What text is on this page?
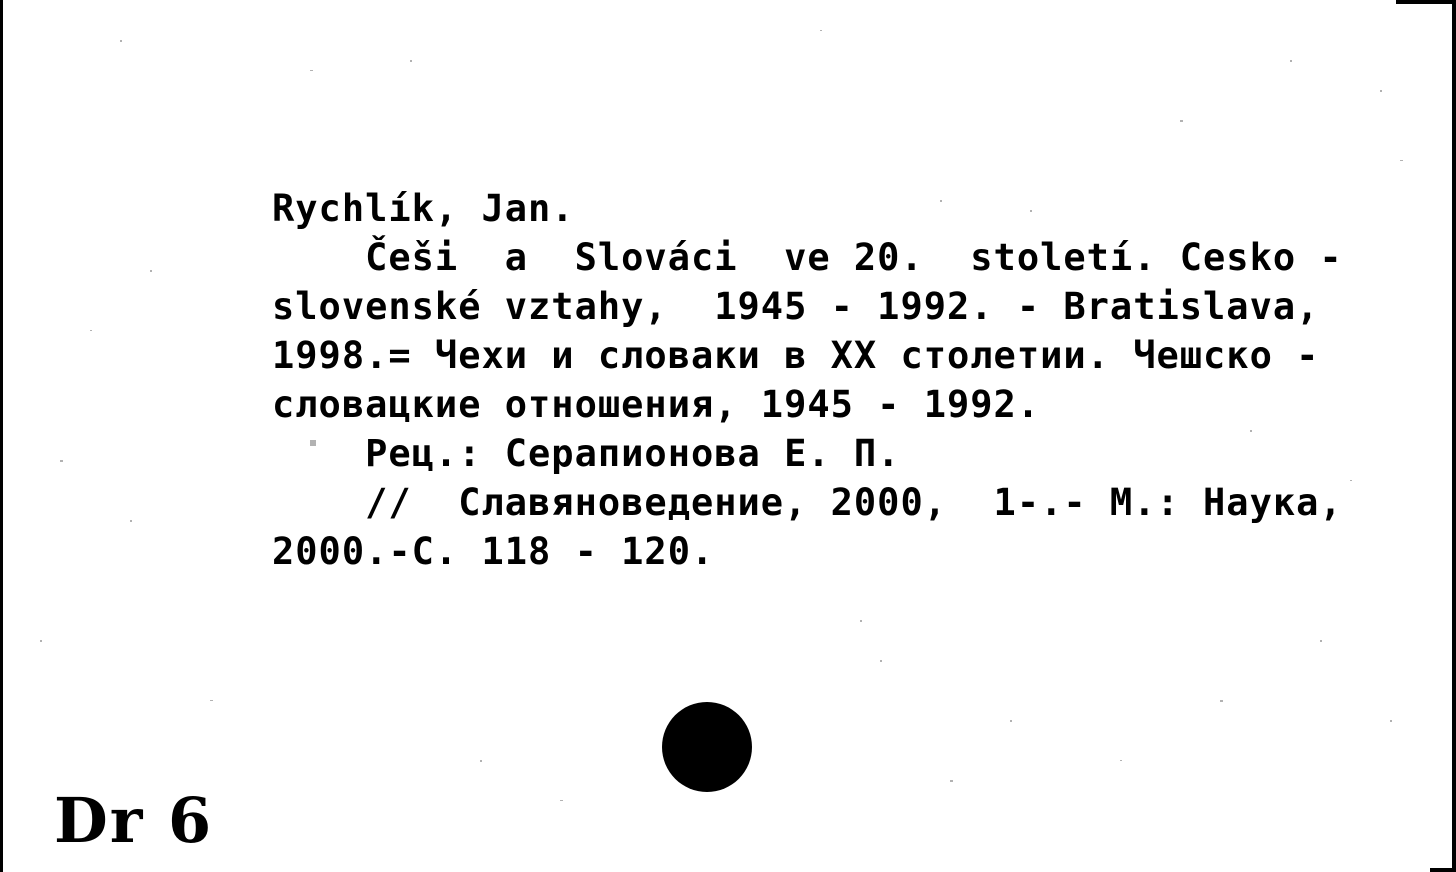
Rychlík, Jan.
Češi  a  Slováci  ve 20.  století. Cesko -
slovenské vztahy,  1945 - 1992. - Bratislava,
1998.= Чехи и словаки в XX столетии. Чешско -
словацкие отношения, 1945 - 1992.
Рец.: Серапионова Е. П.
//  Славяноведение, 2000,  1-.- М.: Наука,
2000.-С. 118 - 120.
Dr 6
